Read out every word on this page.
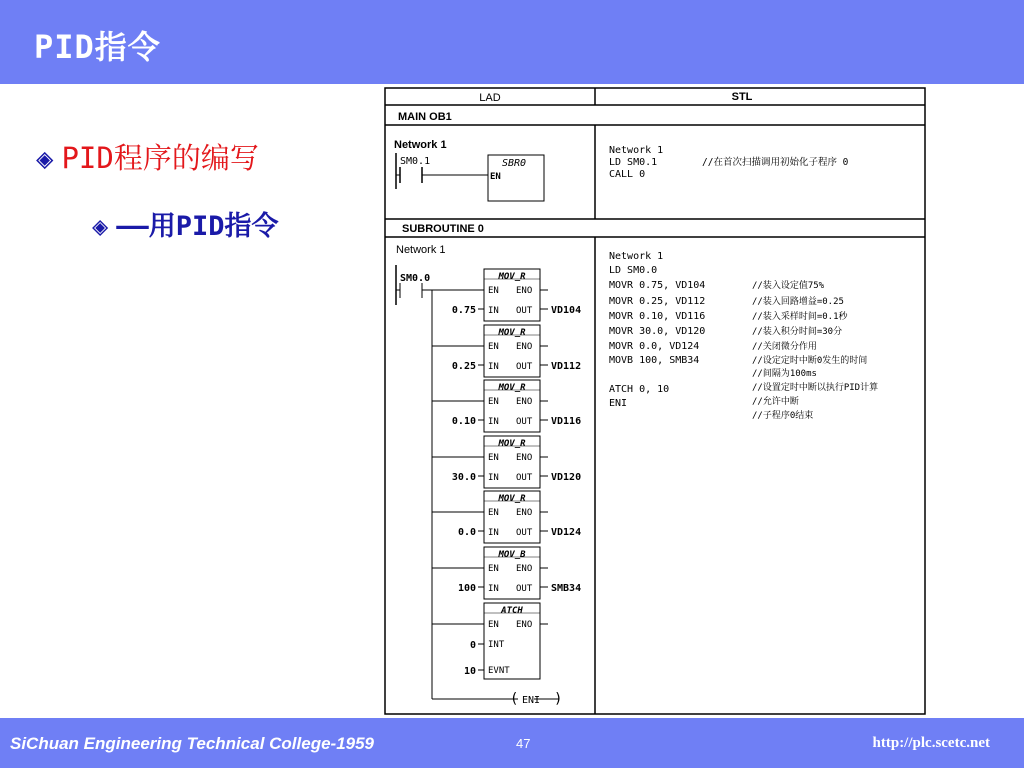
PID指令
◈ PID程序的编写
◈ ——用PID指令
LAD	STL
MAIN OB1
Network 1
SM0.1	SBR0
EN
Network 1
LD SM0.1	//在首次扫描调用初始化子程序 0
CALL 0
SUBROUTINE 0
Network 1
SM0.0
(	)
ENI
MOV_R
EN ENO
IN OUT
0.75	VD104
MOV_R
EN ENO
IN OUT
0.25	VD112
MOV_R
EN ENO
IN OUT
0.10	VD116
MOV_R
EN ENO
IN OUT
30.0	VD120
MOV_R
EN ENO
IN OUT
0.0	VD124
MOV_B
EN ENO
IN OUT
100	SMB34
ATCH
EN ENO
INT
EVNT
0
10
Network 1
LD SM0.0
MOVR 0.75, VD104	//装入设定值75%
MOVR 0.25, VD112	//装入回路增益=0.25
MOVR 0.10, VD116	//装入采样时间=0.1秒
MOVR 30.0, VD120	//装入积分时间=30分
MOVR 0.0, VD124	//关闭微分作用
MOVB 100, SMB34	//设定定时中断0发生的时间
//间隔为100ms
ATCH 0, 10	//设置定时中断以执行PID计算
ENI	//允许中断
//子程序0结束
SiChuan Engineering Technical College-1959	47	http://plc.scetc.net
